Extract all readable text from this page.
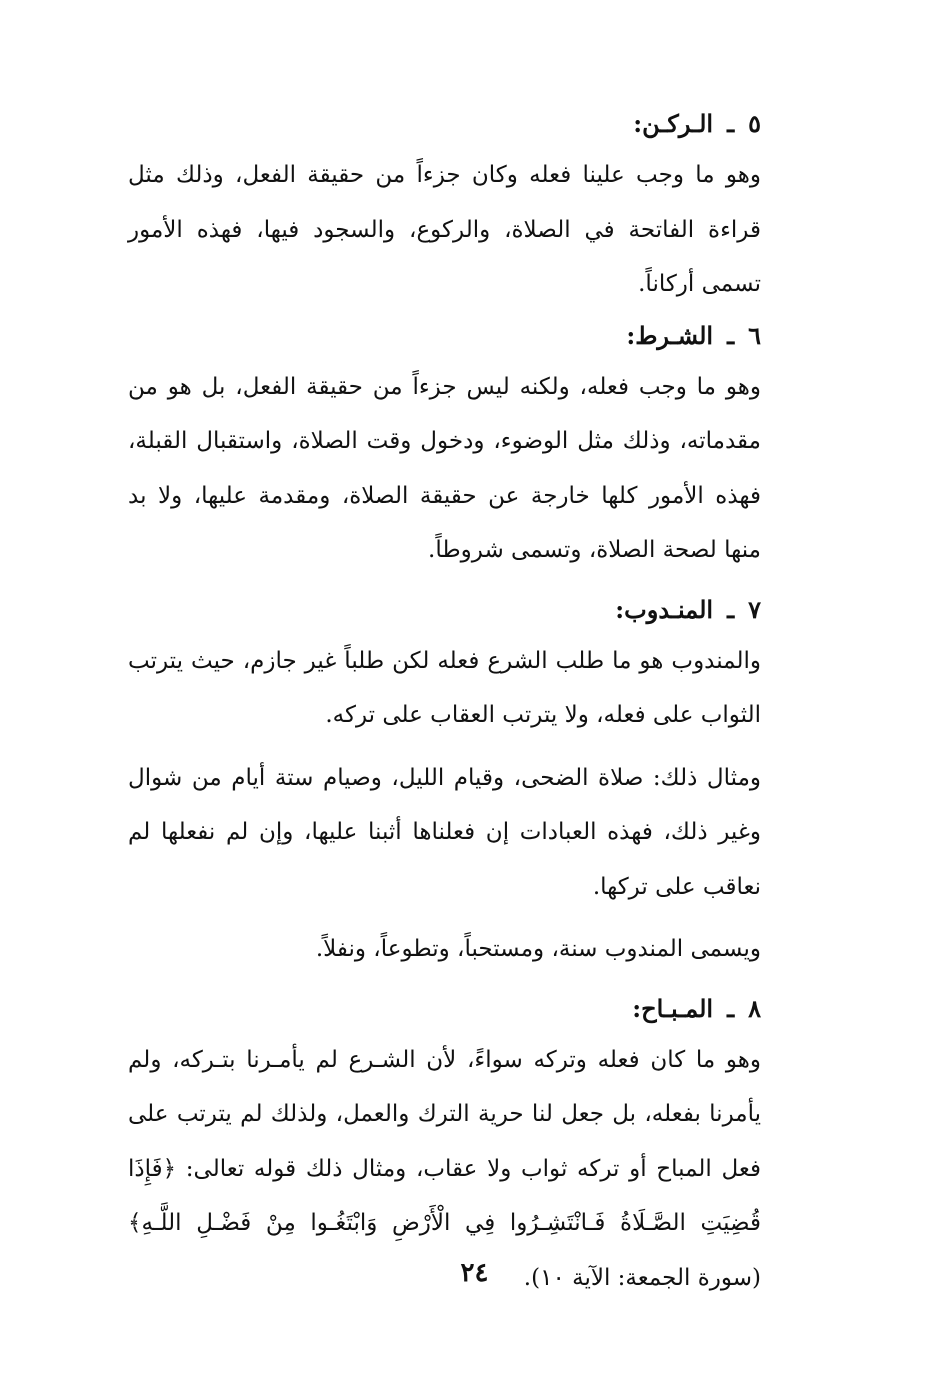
٥ـالـركـن:

وهو ما وجب علينا فعله وكان جزءاً من حقيقة الفعل، وذلك مثل قراءة الفاتحة في الصلاة، والركوع، والسجود فيها، فهذه الأمور تسمى أركاناً.

٦ـالشـرط:

وهو ما وجب فعله، ولكنه ليس جزءاً من حقيقة الفعل، بل هو من مقدماته، وذلك مثل الوضوء، ودخول وقت الصلاة، واستقبال القبلة، فهذه الأمور كلها خارجة عن حقيقة الصلاة، ومقدمة عليها، ولا بد منها لصحة الصلاة، وتسمى شروطاً.

٧ـالمنـدوب:

والمندوب هو ما طلب الشرع فعله لكن طلباً غير جازم، حيث يترتب الثواب على فعله، ولا يترتب العقاب على تركه.

ومثال ذلك: صلاة الضحى، وقيام الليل، وصيام ستة أيام من شوال وغير ذلك، فهذه العبادات إن فعلناها أثبنا عليها، وإن لم نفعلها لم نعاقب على تركها.

ويسمى المندوب سنة، ومستحباً، وتطوعاً، ونفلاً.

٨ـالمـبـاح:

وهو ما كان فعله وتركه سواءً، لأن الشـرع لم يأمـرنا بتـركه، ولم يأمرنا بفعله، بل جعل لنا حرية الترك والعمل، ولذلك لم يترتب على فعل المباح أو تركه ثواب ولا عقاب، ومثال ذلك قوله تعالى: ﴿فَإِذَا قُضِيَتِ الصَّـلَاةُ فَـانْتَشِـرُوا فِي الْأَرْضِ وَابْتَغُـوا مِنْ فَضْـلِ اللَّـهِ﴾ (سورة الجمعة: الآية ١٠).

٢٤
